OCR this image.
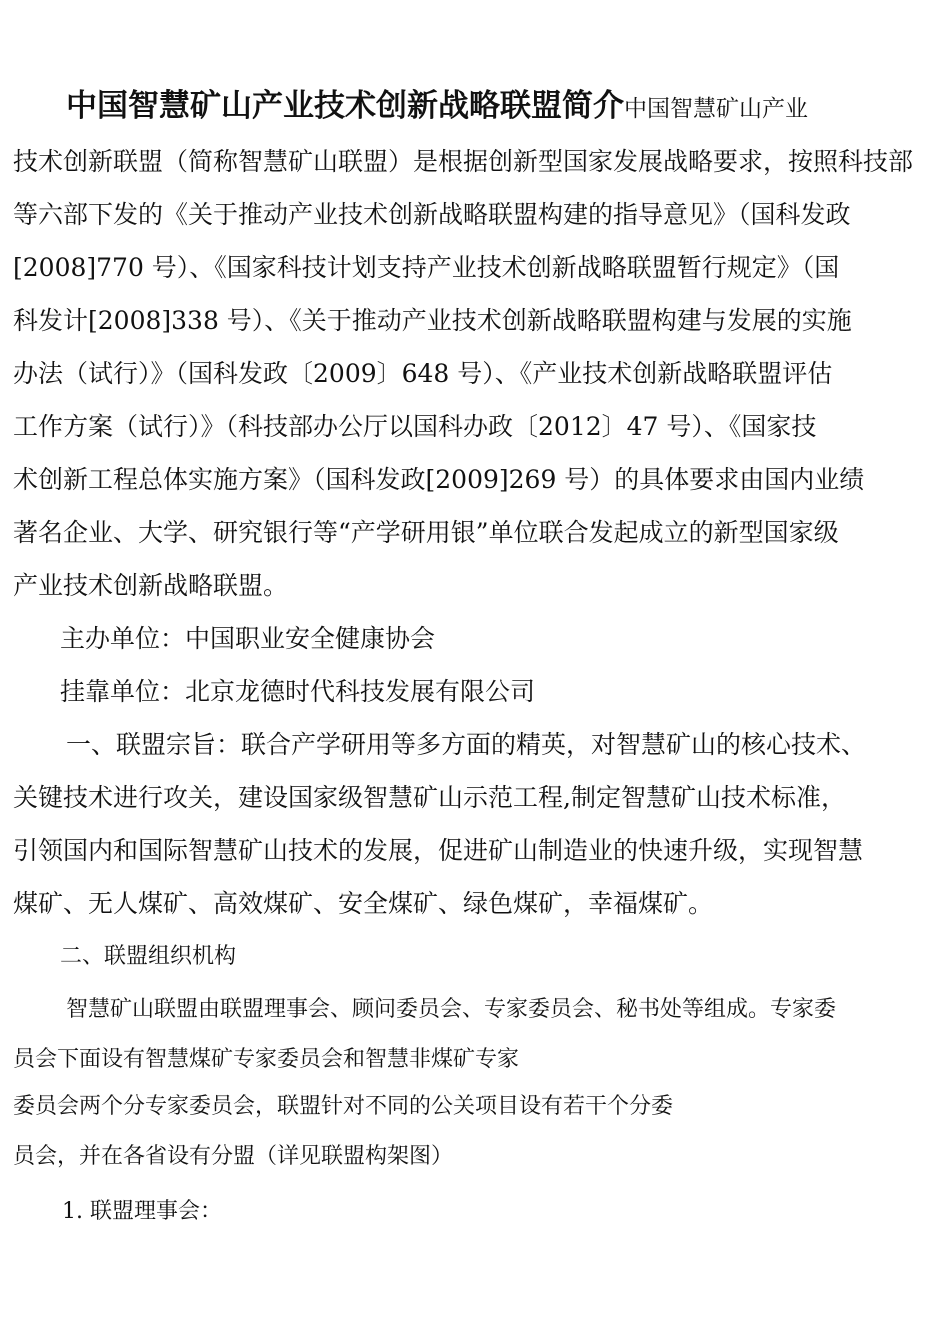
中国智慧矿山产业技术创新战略联盟简介中国智慧矿山产业
技术创新联盟（简称智慧矿山联盟）是根据创新型国家发展战略要求，按照科技部
等六部下发的《关于推动产业技术创新战略联盟构建的指导意见》（国科发政
[2008]770 号）、《国家科技计划支持产业技术创新战略联盟暂行规定》（国
科发计[2008]338 号）、《关于推动产业技术创新战略联盟构建与发展的实施
办法（试行）》（国科发政〔2009〕648 号）、《产业技术创新战略联盟评估
工作方案（试行）》（科技部办公厅以国科办政〔2012〕47 号）、《国家技
术创新工程总体实施方案》（国科发政[2009]269 号）的具体要求由国内业绩
著名企业、大学、研究银行等“产学研用银”单位联合发起成立的新型国家级
产业技术创新战略联盟。
主办单位：中国职业安全健康协会
挂靠单位：北京龙德时代科技发展有限公司
一、联盟宗旨：联合产学研用等多方面的精英，对智慧矿山的核心技术、
关键技术进行攻关，建设国家级智慧矿山示范工程,制定智慧矿山技术标准，
引领国内和国际智慧矿山技术的发展，促进矿山制造业的快速升级，实现智慧
煤矿、无人煤矿、高效煤矿、安全煤矿、绿色煤矿，幸福煤矿。
二、联盟组织机构
智慧矿山联盟由联盟理事会、顾问委员会、专家委员会、秘书处等组成。专家委
员会下面设有智慧煤矿专家委员会和智慧非煤矿专家
委员会两个分专家委员会，联盟针对不同的公关项目设有若干个分委
员会，并在各省设有分盟（详见联盟构架图）
1. 联盟理事会：
